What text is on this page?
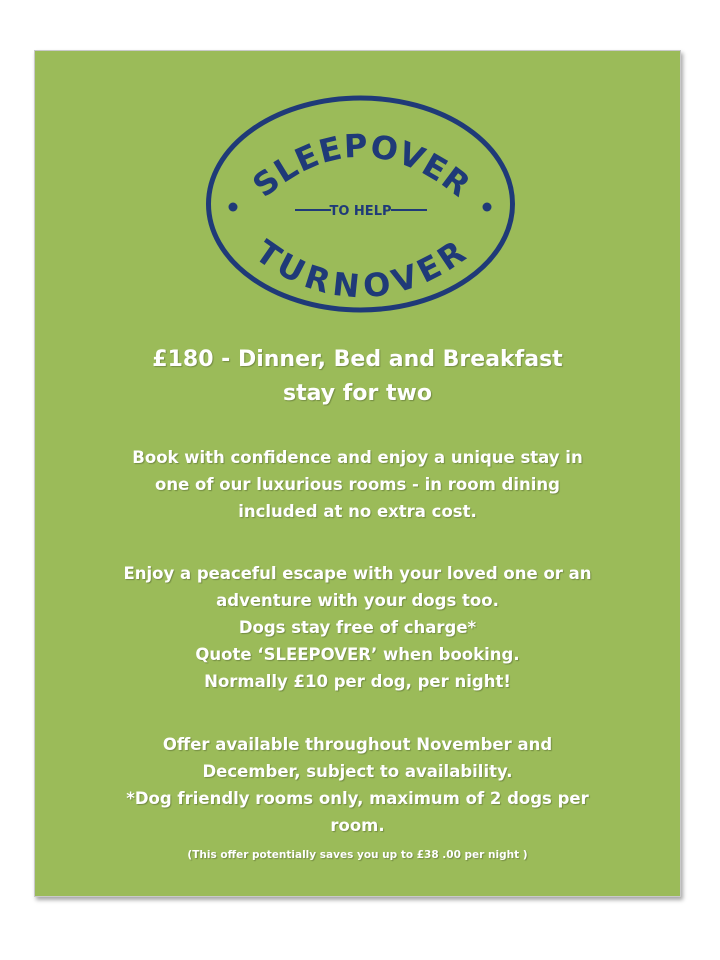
SLEEPOVER
TO HELP
TURNOVER

£180 - Dinner, Bed and Breakfast
stay for two

Book with confidence and enjoy a unique stay in
one of our luxurious rooms - in room dining
included at no extra cost.

Enjoy a peaceful escape with your loved one or an
adventure with your dogs too.
Dogs stay free of charge*
Quote ‘SLEEPOVER’ when booking.
Normally £10 per dog, per night!

Offer available throughout November and
December, subject to availability.
*Dog friendly rooms only, maximum of 2 dogs per
room.

(This offer potentially saves you up to £38 .00 per night )
